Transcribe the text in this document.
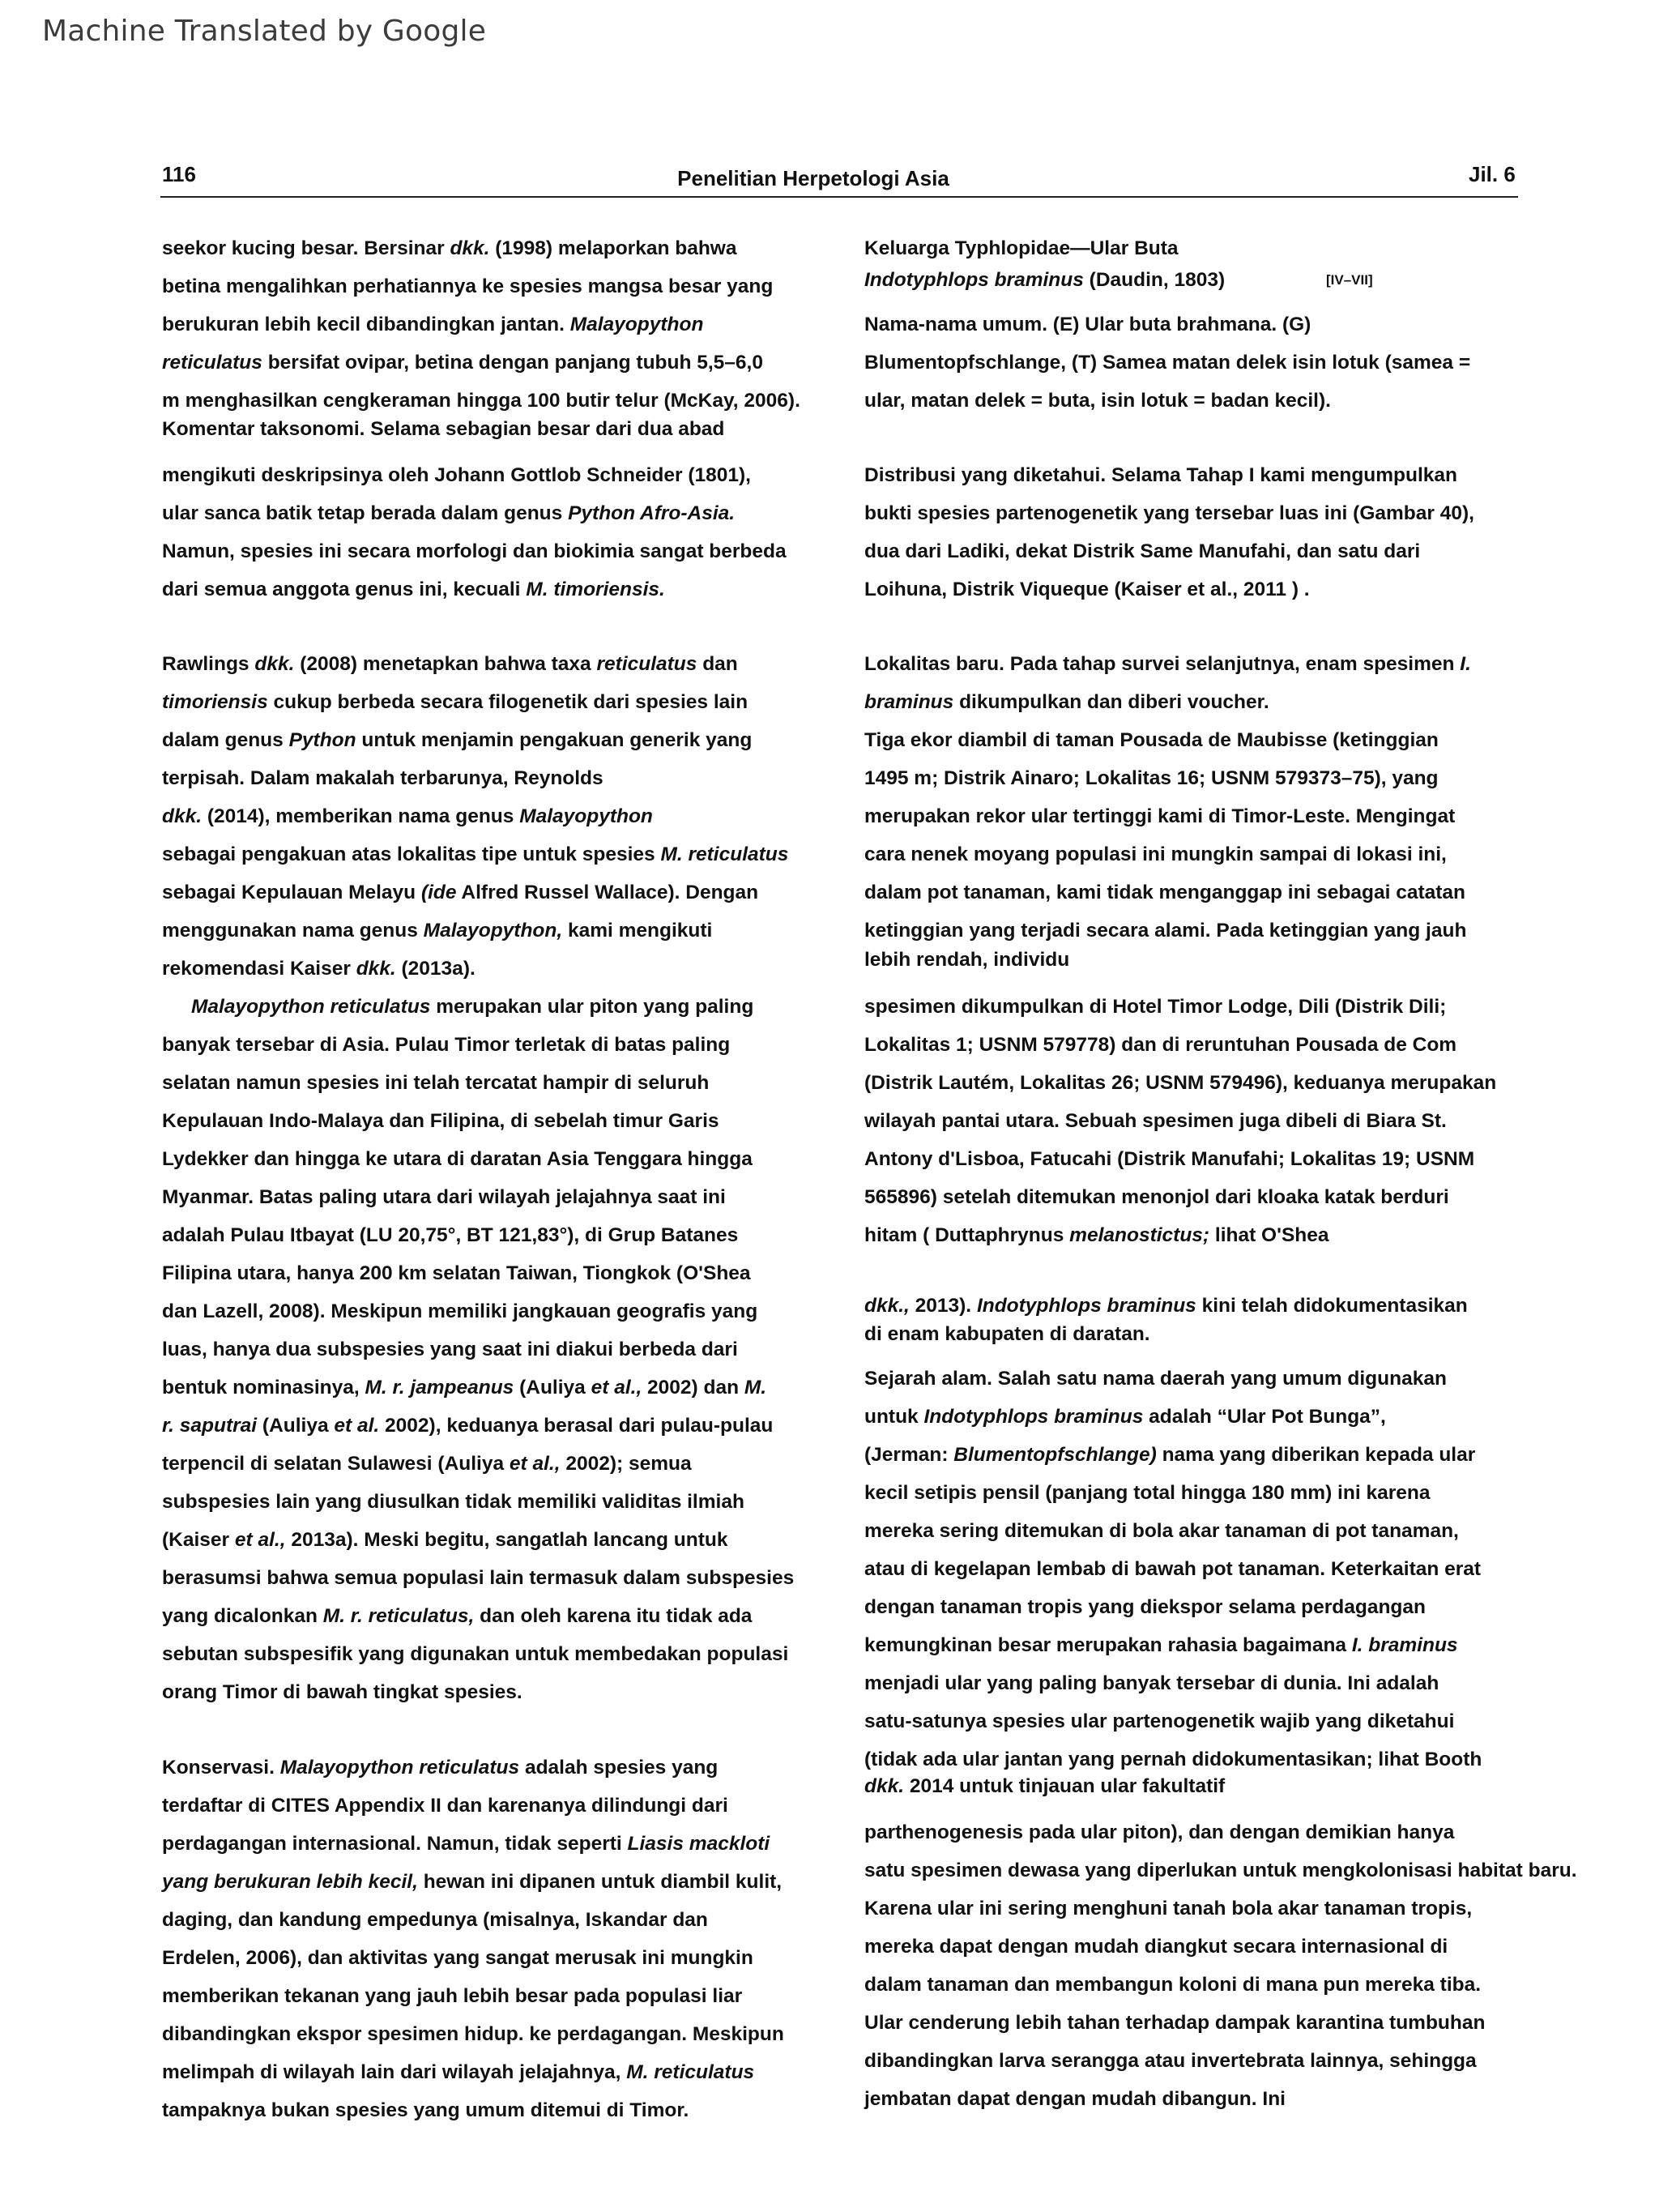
Machine Translated by Google
116	Penelitian Herpetologi Asia	Jil. 6
[IV–VII]
seekor kucing besar. Bersinar dkk. (1998) melaporkan bahwa
betina mengalihkan perhatiannya ke spesies mangsa besar yang
berukuran lebih kecil dibandingkan jantan. Malayopython
reticulatus bersifat ovipar, betina dengan panjang tubuh 5,5–6,0
m menghasilkan cengkeraman hingga 100 butir telur (McKay, 2006).
Komentar taksonomi. Selama sebagian besar dari dua abad
mengikuti deskripsinya oleh Johann Gottlob Schneider (1801),
ular sanca batik tetap berada dalam genus Python Afro-Asia.
Namun, spesies ini secara morfologi dan biokimia sangat berbeda
dari semua anggota genus ini, kecuali M. timoriensis.
Rawlings dkk. (2008) menetapkan bahwa taxa reticulatus dan
timoriensis cukup berbeda secara filogenetik dari spesies lain
dalam genus Python untuk menjamin pengakuan generik yang
terpisah. Dalam makalah terbarunya, Reynolds
dkk. (2014), memberikan nama genus Malayopython
sebagai pengakuan atas lokalitas tipe untuk spesies M. reticulatus
sebagai Kepulauan Melayu (ide Alfred Russel Wallace). Dengan
menggunakan nama genus Malayopython, kami mengikuti
rekomendasi Kaiser dkk. (2013a).
Malayopython reticulatus merupakan ular piton yang paling
banyak tersebar di Asia. Pulau Timor terletak di batas paling
selatan namun spesies ini telah tercatat hampir di seluruh
Kepulauan Indo-Malaya dan Filipina, di sebelah timur Garis
Lydekker dan hingga ke utara di daratan Asia Tenggara hingga
Myanmar. Batas paling utara dari wilayah jelajahnya saat ini
adalah Pulau Itbayat (LU 20,75°, BT 121,83°), di Grup Batanes
Filipina utara, hanya 200 km selatan Taiwan, Tiongkok (O'Shea
dan Lazell, 2008). Meskipun memiliki jangkauan geografis yang
luas, hanya dua subspesies yang saat ini diakui berbeda dari
bentuk nominasinya, M. r. jampeanus (Auliya et al., 2002) dan M.
r. saputrai (Auliya et al. 2002), keduanya berasal dari pulau-pulau
terpencil di selatan Sulawesi (Auliya et al., 2002); semua
subspesies lain yang diusulkan tidak memiliki validitas ilmiah
(Kaiser et al., 2013a). Meski begitu, sangatlah lancang untuk
berasumsi bahwa semua populasi lain termasuk dalam subspesies
yang dicalonkan M. r. reticulatus, dan oleh karena itu tidak ada
sebutan subspesifik yang digunakan untuk membedakan populasi
orang Timor di bawah tingkat spesies.
Konservasi. Malayopython reticulatus adalah spesies yang
terdaftar di CITES Appendix II dan karenanya dilindungi dari
perdagangan internasional. Namun, tidak seperti Liasis mackloti
yang berukuran lebih kecil, hewan ini dipanen untuk diambil kulit,
daging, dan kandung empedunya (misalnya, Iskandar dan
Erdelen, 2006), dan aktivitas yang sangat merusak ini mungkin
memberikan tekanan yang jauh lebih besar pada populasi liar
dibandingkan ekspor spesimen hidup. ke perdagangan. Meskipun
melimpah di wilayah lain dari wilayah jelajahnya, M. reticulatus
tampaknya bukan spesies yang umum ditemui di Timor.
Keluarga Typhlopidae—Ular Buta
Indotyphlops braminus (Daudin, 1803)
Nama-nama umum. (E) Ular buta brahmana. (G)
Blumentopfschlange, (T) Samea matan delek isin lotuk (samea =
ular, matan delek = buta, isin lotuk = badan kecil).
Distribusi yang diketahui. Selama Tahap I kami mengumpulkan
bukti spesies partenogenetik yang tersebar luas ini (Gambar 40),
dua dari Ladiki, dekat Distrik Same Manufahi, dan satu dari
Loihuna, Distrik Viqueque (Kaiser et al., 2011 ) .
Lokalitas baru. Pada tahap survei selanjutnya, enam spesimen I.
braminus dikumpulkan dan diberi voucher.
Tiga ekor diambil di taman Pousada de Maubisse (ketinggian
1495 m; Distrik Ainaro; Lokalitas 16; USNM 579373–75), yang
merupakan rekor ular tertinggi kami di Timor-Leste. Mengingat
cara nenek moyang populasi ini mungkin sampai di lokasi ini,
dalam pot tanaman, kami tidak menganggap ini sebagai catatan
ketinggian yang terjadi secara alami. Pada ketinggian yang jauh
lebih rendah, individu
spesimen dikumpulkan di Hotel Timor Lodge, Dili (Distrik Dili;
Lokalitas 1; USNM 579778) dan di reruntuhan Pousada de Com
(Distrik Lautém, Lokalitas 26; USNM 579496), keduanya merupakan
wilayah pantai utara. Sebuah spesimen juga dibeli di Biara St.
Antony d'Lisboa, Fatucahi (Distrik Manufahi; Lokalitas 19; USNM
565896) setelah ditemukan menonjol dari kloaka katak berduri
hitam ( Duttaphrynus melanostictus; lihat O'Shea
dkk., 2013). Indotyphlops braminus kini telah didokumentasikan
di enam kabupaten di daratan.
Sejarah alam. Salah satu nama daerah yang umum digunakan
untuk Indotyphlops braminus adalah “Ular Pot Bunga”,
(Jerman: Blumentopfschlange) nama yang diberikan kepada ular
kecil setipis pensil (panjang total hingga 180 mm) ini karena
mereka sering ditemukan di bola akar tanaman di pot tanaman,
atau di kegelapan lembab di bawah pot tanaman. Keterkaitan erat
dengan tanaman tropis yang diekspor selama perdagangan
kemungkinan besar merupakan rahasia bagaimana I. braminus
menjadi ular yang paling banyak tersebar di dunia. Ini adalah
satu-satunya spesies ular partenogenetik wajib yang diketahui
(tidak ada ular jantan yang pernah didokumentasikan; lihat Booth
dkk. 2014 untuk tinjauan ular fakultatif
parthenogenesis pada ular piton), dan dengan demikian hanya
satu spesimen dewasa yang diperlukan untuk mengkolonisasi habitat baru.
Karena ular ini sering menghuni tanah bola akar tanaman tropis,
mereka dapat dengan mudah diangkut secara internasional di
dalam tanaman dan membangun koloni di mana pun mereka tiba.
Ular cenderung lebih tahan terhadap dampak karantina tumbuhan
dibandingkan larva serangga atau invertebrata lainnya, sehingga
jembatan dapat dengan mudah dibangun. Ini
